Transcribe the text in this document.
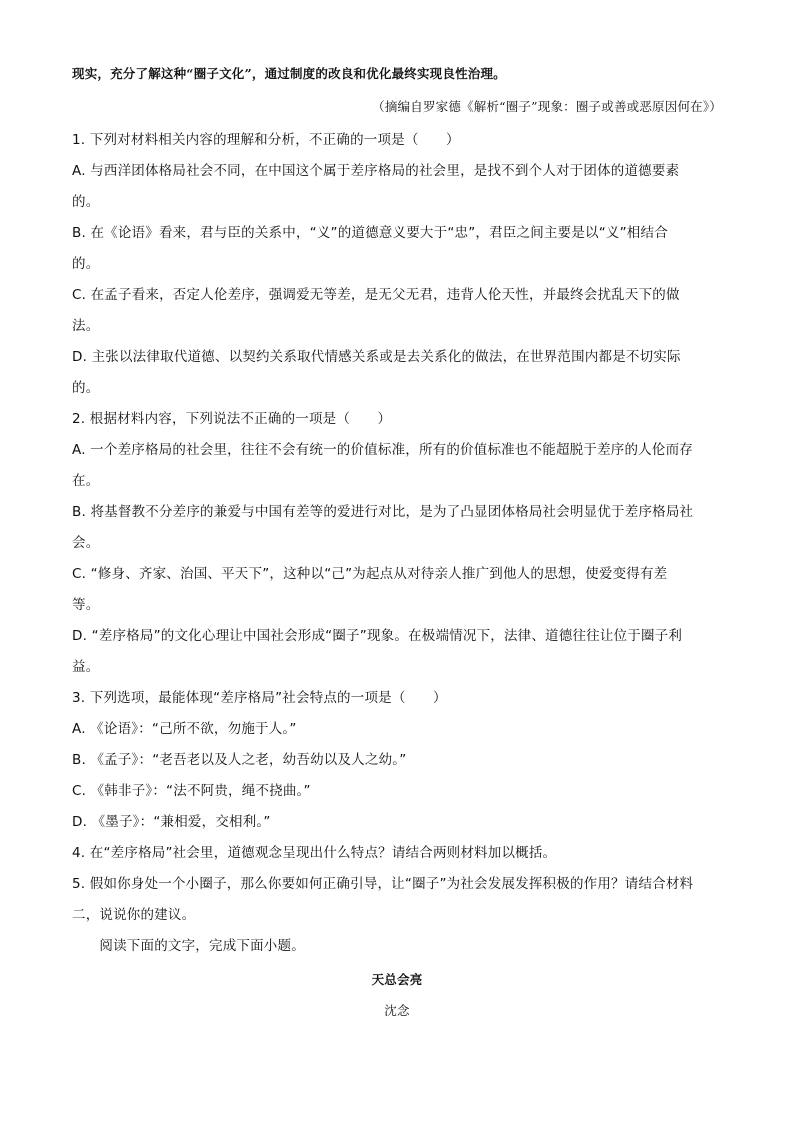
现实，充分了解这种“圈子文化”，通过制度的改良和优化最终实现良性治理。
（摘编自罗家德《解析“圈子”现象：圈子或善或恶原因何在》）
1. 下列对材料相关内容的理解和分析，不正确的一项是（　　）
A. 与西洋团体格局社会不同，在中国这个属于差序格局的社会里，是找不到个人对于团体的道德要素
的。
B. 在《论语》看来，君与臣的关系中，“义”的道德意义要大于“忠”，君臣之间主要是以“义”相结合
的。
C. 在孟子看来，否定人伦差序，强调爱无等差，是无父无君，违背人伦天性，并最终会扰乱天下的做
法。
D. 主张以法律取代道德、以契约关系取代情感关系或是去关系化的做法，在世界范围内都是不切实际
的。
2. 根据材料内容，下列说法不正确的一项是（　　）
A. 一个差序格局的社会里，往往不会有统一的价值标准，所有的价值标准也不能超脱于差序的人伦而存
在。
B. 将基督教不分差序的兼爱与中国有差等的爱进行对比，是为了凸显团体格局社会明显优于差序格局社
会。
C. “修身、齐家、治国、平天下”，这种以“己”为起点从对待亲人推广到他人的思想，使爱变得有差
等。
D. “差序格局”的文化心理让中国社会形成“圈子”现象。在极端情况下，法律、道德往往让位于圈子利
益。
3. 下列选项，最能体现“差序格局”社会特点的一项是（　　）
A. 《论语》：“己所不欲，勿施于人。”
B. 《孟子》：“老吾老以及人之老，幼吾幼以及人之幼。”
C. 《韩非子》：“法不阿贵，绳不挠曲。”
D. 《墨子》：“兼相爱，交相利。”
4. 在“差序格局”社会里，道德观念呈现出什么特点？请结合两则材料加以概括。
5. 假如你身处一个小圈子，那么你要如何正确引导，让“圈子”为社会发展发挥积极的作用？请结合材料
二，说说你的建议。
　　阅读下面的文字，完成下面小题。
天总会亮
沈念
